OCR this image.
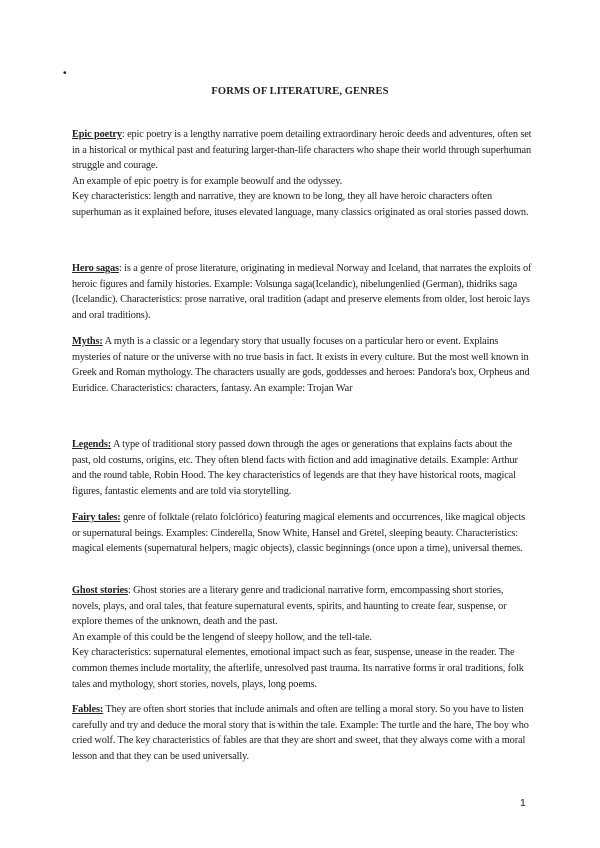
•
FORMS OF LITERATURE, GENRES

Epic poetry: epic poetry is a lengthy narrative poem detailing extraordinary heroic deeds and adventures, often set in a historical or mythical past and featuring larger-than-life characters who shape their world through superhuman struggle and courage.

An example of epic poetry is for example beowulf and the odyssey.

Key characteristics: length and narrative, they are known to be long, they all have heroic characters often superhuman as it explained before, ituses elevated language, many classics originated as oral stories passed down.

Hero sagas: is a genre of prose literature, originating in medieval Norway and Iceland, that narrates the exploits of heroic figures and family histories. Example: Volsunga saga(Icelandic), nibelungenlied (German), thidriks saga (Icelandic). Characteristics: prose narrative, oral tradition (adapt and preserve elements from older, lost heroic lays and oral traditions).

Myths: A myth is a classic or a legendary story that usually focuses on a particular hero or event. Explains mysteries of nature or the universe with no true basis in fact. It exists in every culture. But the most well known in Greek and Roman mythology. The characters usually are gods, goddesses and heroes: Pandora's box, Orpheus and Euridice. Characteristics: characters, fantasy. An example: Trojan War

Legends: A type of traditional story passed down through the ages or generations that explains facts about the past, old costums, origins, etc. They often blend facts with fiction and add imaginative details. Example: Arthur and the round table, Robin Hood. The key characteristics of legends are that they have historical roots, magical figures, fantastic elements and are told via storytelling.

Fairy tales: genre of folktale (relato folclórico) featuring magical elements and occurrences, like magical objects or supernatural beings. Examples: Cinderella, Snow White, Hansel and Gretel, sleeping beauty. Characteristics: magical elements (supernatural helpers, magic objects), classic beginnings (once upon a time), universal themes.

Ghost stories: Ghost stories are a literary genre and tradicional narrative form, emcompassing short stories, novels, plays, and oral tales, that feature supernatural events, spirits, and haunting to create fear, suspense, or explore themes of the unknown, death and the past.

An example of this could be the lengend of sleepy hollow, and the tell-tale.

Key characteristics: supernatural elementes, emotional impact such as fear, suspense, unease in the reader. The common themes include mortality, the afterlife, unresolved past trauma. Its narrative forms ir oral traditions, folk tales and mythology, short stories, novels, plays, long poems.

Fables: They are often short stories that include animals and often are telling a moral story. So you have to listen carefully and try and deduce the moral story that is within the tale. Example: The turtle and the hare, The boy who cried wolf. The key characteristics of fables are that they are short and sweet, that they always come with a moral lesson and that they can be used universally.

1
